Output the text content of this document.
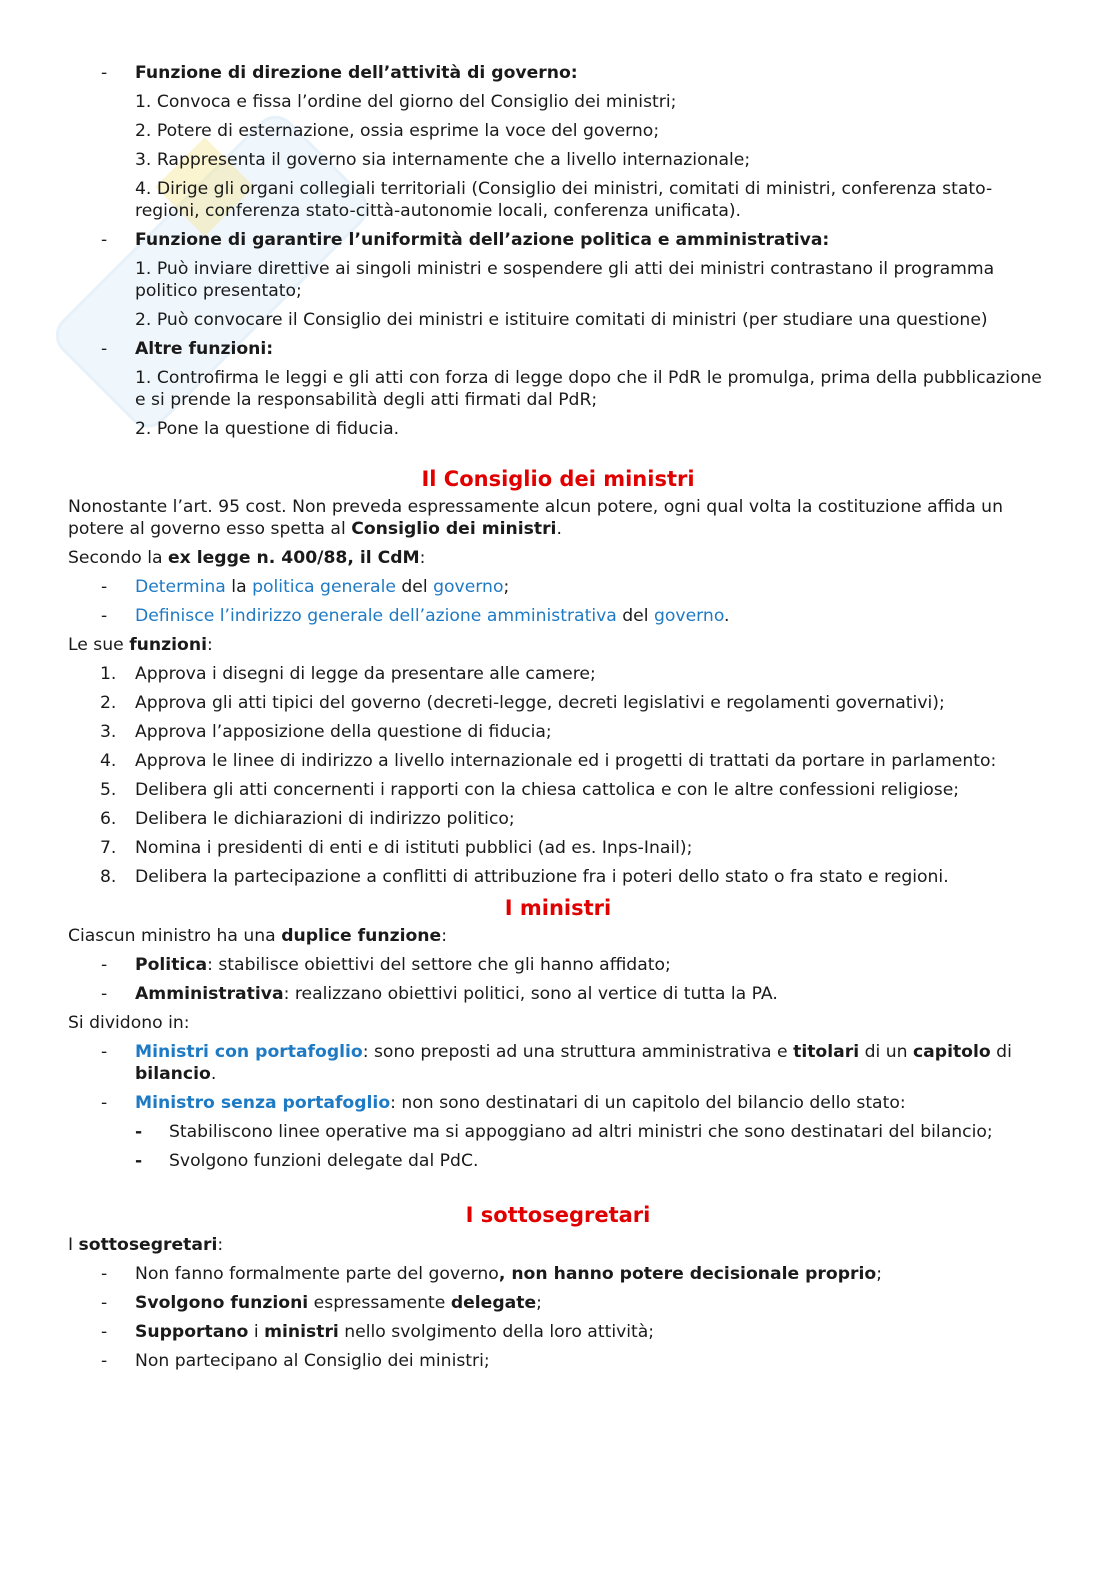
- Funzione di direzione dell’attività di governo:
1. Convoca e fissa l’ordine del giorno del Consiglio dei ministri;
2. Potere di esternazione, ossia esprime la voce del governo;
3. Rappresenta il governo sia internamente che a livello internazionale;
4. Dirige gli organi collegiali territoriali (Consiglio dei ministri, comitati di ministri, conferenza stato-regioni, conferenza stato-città-autonomie locali, conferenza unificata).
- Funzione di garantire l’uniformità dell’azione politica e amministrativa:
1. Può inviare direttive ai singoli ministri e sospendere gli atti dei ministri contrastano il programma politico presentato;
2. Può convocare il Consiglio dei ministri e istituire comitati di ministri (per studiare una questione)
- Altre funzioni:
1. Controfirma le leggi e gli atti con forza di legge dopo che il PdR le promulga, prima della pubblicazione e si prende la responsabilità degli atti firmati dal PdR;
2. Pone la questione di fiducia.
Il Consiglio dei ministri
Nonostante l’art. 95 cost. Non preveda espressamente alcun potere, ogni qual volta la costituzione affida un potere al governo esso spetta al Consiglio dei ministri.
Secondo la ex legge n. 400/88, il CdM:
- Determina la politica generale del governo;
- Definisce l’indirizzo generale dell’azione amministrativa del governo.
Le sue funzioni:
1. Approva i disegni di legge da presentare alle camere;
2. Approva gli atti tipici del governo (decreti-legge, decreti legislativi e regolamenti governativi);
3. Approva l’apposizione della questione di fiducia;
4. Approva le linee di indirizzo a livello internazionale ed i progetti di trattati da portare in parlamento:
5. Delibera gli atti concernenti i rapporti con la chiesa cattolica e con le altre confessioni religiose;
6. Delibera le dichiarazioni di indirizzo politico;
7. Nomina i presidenti di enti e di istituti pubblici (ad es. Inps-Inail);
8. Delibera la partecipazione a conflitti di attribuzione fra i poteri dello stato o fra stato e regioni.
I ministri
Ciascun ministro ha una duplice funzione:
- Politica: stabilisce obiettivi del settore che gli hanno affidato;
- Amministrativa: realizzano obiettivi politici, sono al vertice di tutta la PA.
Si dividono in:
- Ministri con portafoglio: sono preposti ad una struttura amministrativa e titolari di un capitolo di bilancio.
- Ministro senza portafoglio: non sono destinatari di un capitolo del bilancio dello stato:
- Stabiliscono linee operative ma si appoggiano ad altri ministri che sono destinatari del bilancio;
- Svolgono funzioni delegate dal PdC.
I sottosegretari
I sottosegretari:
- Non fanno formalmente parte del governo, non hanno potere decisionale proprio;
- Svolgono funzioni espressamente delegate;
- Supportano i ministri nello svolgimento della loro attività;
- Non partecipano al Consiglio dei ministri;
